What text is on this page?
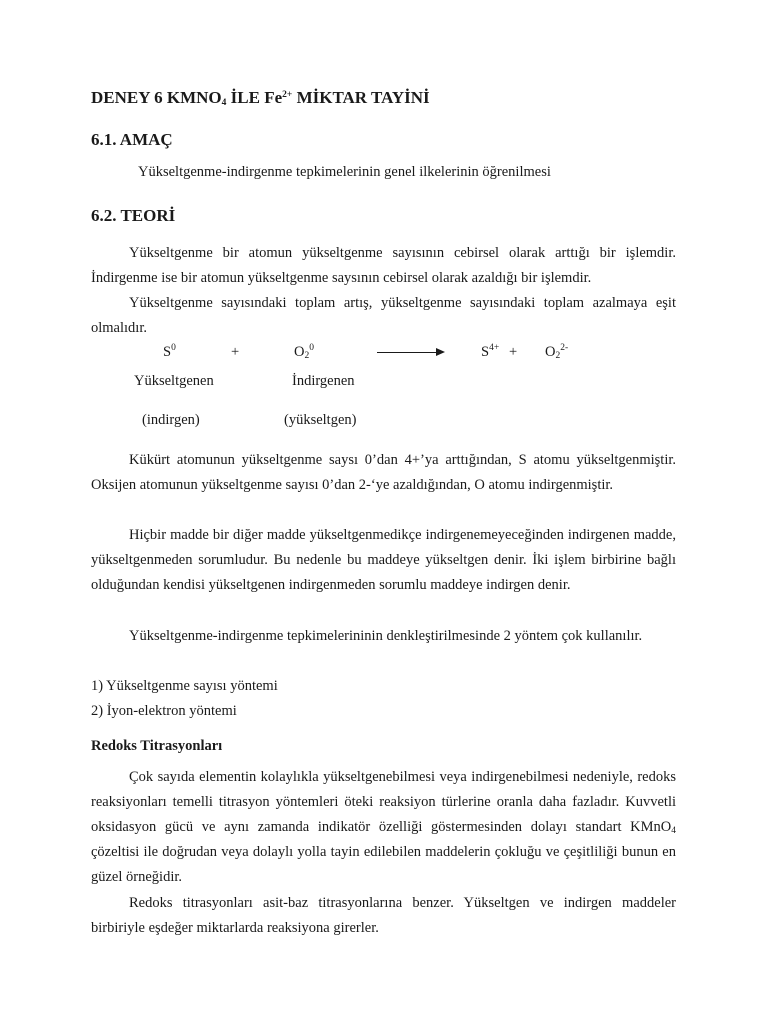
DENEY 6 $KMNO_4$ İLE $Fe^{2+}$ MİKTAR TAYİNİ
6.1. AMAÇ
Yükseltgenme-indirgenme tepkimelerinin genel ilkelerinin öğrenilmesi
6.2. TEORİ
Yükseltgenme bir atomun yükseltgenme sayısının cebirsel olarak arttığı bir işlemdir. İndirgenme ise bir atomun yükseltgenme saysının cebirsel olarak azaldığı bir işlemdir.
Yükseltgenme sayısındaki toplam artış, yükseltgenme sayısındaki toplam azalmaya eşit olmalıdır.
$S^0$	+	$O_2^0$	$S^{4+} + O_2^{2-}$
Yükseltgenen	İndirgenen
(indirgen)	(yükseltgen)
Kükürt atomunun yükseltgenme saysı 0’dan 4+’ya arttığından, S atomu yükseltgenmiştir. Oksijen atomunun yükseltgenme sayısı 0’dan 2-‘ye azaldığından, O atomu indirgenmiştir.
Hiçbir madde bir diğer madde yükseltgenmedikçe indirgenemeyeceğinden indirgenen madde, yükseltgenmeden sorumludur. Bu nedenle bu maddeye yükseltgen denir. İki işlem birbirine bağlı olduğundan kendisi yükseltgenen indirgenmeden sorumlu maddeye indirgen denir.
Yükseltgenme-indirgenme tepkimelerininin denkleştirilmesinde 2 yöntem çok kullanılır.
1) Yükseltgenme sayısı yöntemi
2) İyon-elektron yöntemi
Redoks Titrasyonları
Çok sayıda elementin kolaylıkla yükseltgenebilmesi veya indirgenebilmesi nedeniyle, redoks reaksiyonları temelli titrasyon yöntemleri öteki reaksiyon türlerine oranla daha fazladır. Kuvvetli oksidasyon gücü ve aynı zamanda indikatör özelliği göstermesinden dolayı standart KMnO$_4$ çözeltisi ile doğrudan veya dolaylı yolla tayin edilebilen maddelerin çokluğu ve çeşitliliği bunun en güzel örneğidir.
Redoks titrasyonları asit-baz titrasyonlarına benzer. Yükseltgen ve indirgen maddeler birbiriyle eşdeğer miktarlarda reaksiyona girerler.
